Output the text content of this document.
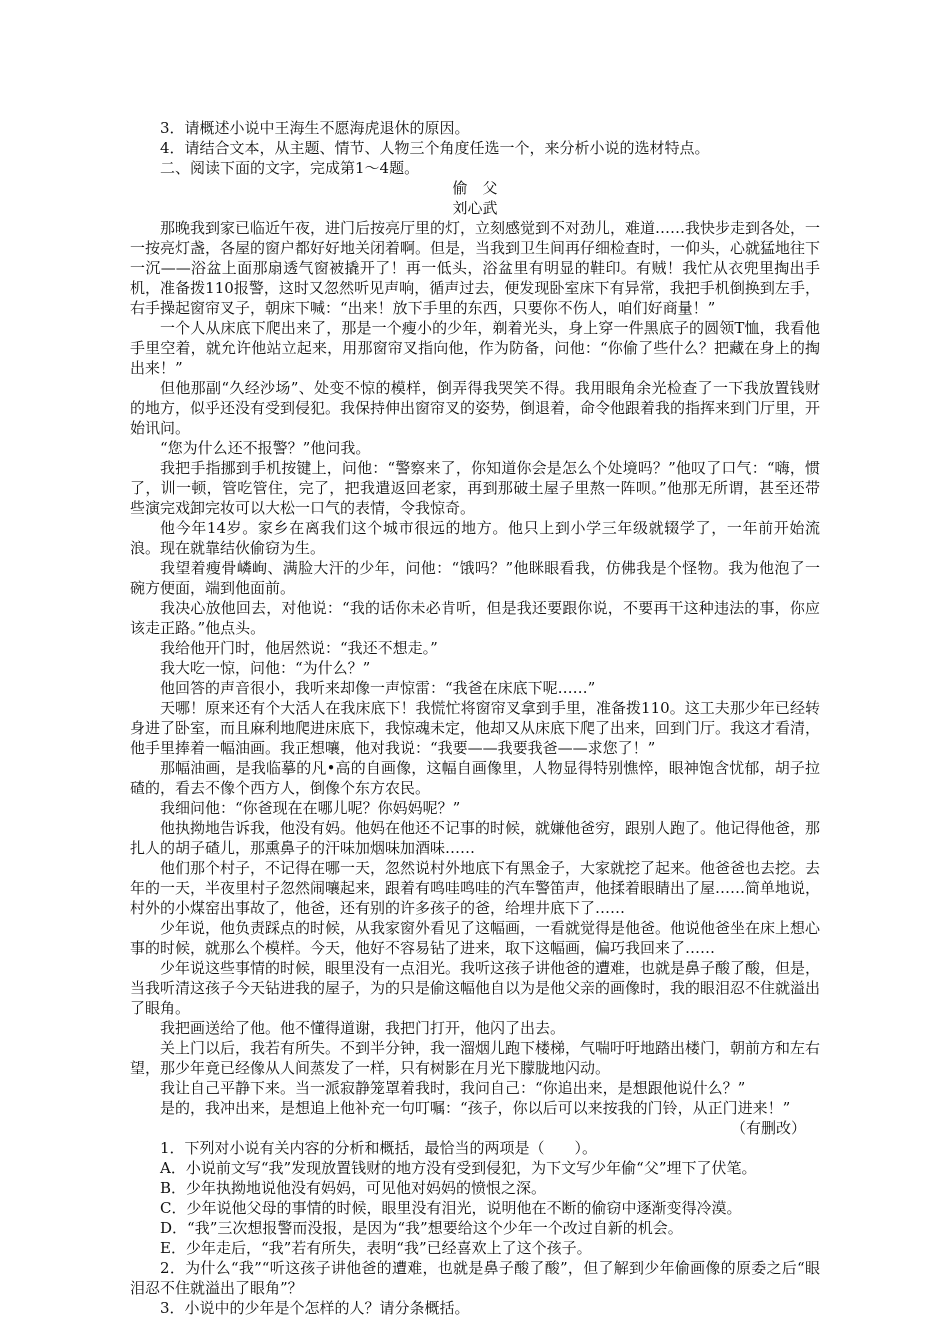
3．请概述小说中王海生不愿海虎退休的原因。

4．请结合文本，从主题、情节、人物三个角度任选一个，来分析小说的选材特点。

二、阅读下面的文字，完成第1～4题。

偷　父

刘心武

那晚我到家已临近午夜，进门后按亮厅里的灯，立刻感觉到不对劲儿，难道……我快步走到各处，一一按亮灯盏，各屋的窗户都好好地关闭着啊。但是，当我到卫生间再仔细检查时，一仰头，心就猛地往下一沉——浴盆上面那扇透气窗被撬开了！再一低头，浴盆里有明显的鞋印。有贼！我忙从衣兜里掏出手机，准备拨110报警，这时又忽然听见声响，循声过去，便发现卧室床下有异常，我把手机倒换到左手，右手操起窗帘叉子，朝床下喊：“出来！放下手里的东西，只要你不伤人，咱们好商量！”

一个人从床底下爬出来了，那是一个瘦小的少年，剃着光头，身上穿一件黑底子的圆领T恤，我看他手里空着，就允许他站立起来，用那窗帘叉指向他，作为防备，问他：“你偷了些什么？把藏在身上的掏出来！”

但他那副“久经沙场”、处变不惊的模样，倒弄得我哭笑不得。我用眼角余光检查了一下我放置钱财的地方，似乎还没有受到侵犯。我保持伸出窗帘叉的姿势，倒退着，命令他跟着我的指挥来到门厅里，开始讯问。

“您为什么还不报警？”他问我。

我把手指挪到手机按键上，问他：“警察来了，你知道你会是怎么个处境吗？”他叹了口气：“嗨，惯了，训一顿，管吃管住，完了，把我遣返回老家，再到那破土屋子里熬一阵呗。”他那无所谓，甚至还带些演完戏卸完妆可以大松一口气的表情，令我惊奇。

他今年14岁。家乡在离我们这个城市很远的地方。他只上到小学三年级就辍学了，一年前开始流浪。现在就靠结伙偷窃为生。

我望着瘦骨嶙峋、满脸大汗的少年，问他：“饿吗？”他眯眼看我，仿佛我是个怪物。我为他泡了一碗方便面，端到他面前。

我决心放他回去，对他说：“我的话你未必肯听，但是我还要跟你说，不要再干这种违法的事，你应该走正路。”他点头。

我给他开门时，他居然说：“我还不想走。”

我大吃一惊，问他：“为什么？”

他回答的声音很小，我听来却像一声惊雷：“我爸在床底下呢……”

天哪！原来还有个大活人在我床底下！我慌忙将窗帘叉拿到手里，准备拨110。这工夫那少年已经转身进了卧室，而且麻利地爬进床底下，我惊魂未定，他却又从床底下爬了出来，回到门厅。我这才看清，他手里捧着一幅油画。我正想嚷，他对我说：“我要——我要我爸——求您了！”

那幅油画，是我临摹的凡•高的自画像，这幅自画像里，人物显得特别憔悴，眼神饱含忧郁，胡子拉碴的，看去不像个西方人，倒像个东方农民。

我细问他：“你爸现在在哪儿呢？你妈妈呢？”

他执拗地告诉我，他没有妈。他妈在他还不记事的时候，就嫌他爸穷，跟别人跑了。他记得他爸，那扎人的胡子碴儿，那熏鼻子的汗味加烟味加酒味……

他们那个村子，不记得在哪一天，忽然说村外地底下有黑金子，大家就挖了起来。他爸爸也去挖。去年的一天，半夜里村子忽然闹嚷起来，跟着有鸣哇鸣哇的汽车警笛声，他揉着眼睛出了屋……简单地说，村外的小煤窑出事故了，他爸，还有别的许多孩子的爸，给埋井底下了……

少年说，他负责踩点的时候，从我家窗外看见了这幅画，一看就觉得是他爸。他说他爸坐在床上想心事的时候，就那么个模样。今天，他好不容易钻了进来，取下这幅画，偏巧我回来了……

少年说这些事情的时候，眼里没有一点泪光。我听这孩子讲他爸的遭难，也就是鼻子酸了酸，但是，当我听清这孩子今天钻进我的屋子，为的只是偷这幅他自以为是他父亲的画像时，我的眼泪忍不住就溢出了眼角。

我把画送给了他。他不懂得道谢，我把门打开，他闪了出去。

关上门以后，我若有所失。不到半分钟，我一溜烟儿跑下楼梯，气喘吁吁地踏出楼门，朝前方和左右望，那少年竟已经像从人间蒸发了一样，只有树影在月光下朦胧地闪动。

我让自己平静下来。当一派寂静笼罩着我时，我问自己：“你追出来，是想跟他说什么？”

是的，我冲出来，是想追上他补充一句叮嘱：“孩子，你以后可以来按我的门铃，从正门进来！”

（有删改）

1．下列对小说有关内容的分析和概括，最恰当的两项是（　　）。

A．小说前文写“我”发现放置钱财的地方没有受到侵犯，为下文写少年偷“父”埋下了伏笔。

B．少年执拗地说他没有妈妈，可见他对妈妈的愤恨之深。

C．少年说他父母的事情的时候，眼里没有泪光，说明他在不断的偷窃中逐渐变得冷漠。

D．“我”三次想报警而没报，是因为“我”想要给这个少年一个改过自新的机会。

E．少年走后，“我”若有所失，表明“我”已经喜欢上了这个孩子。

2．为什么“我”“听这孩子讲他爸的遭难，也就是鼻子酸了酸”，但了解到少年偷画像的原委之后“眼泪忍不住就溢出了眼角”？

3．小说中的少年是个怎样的人？请分条概括。
